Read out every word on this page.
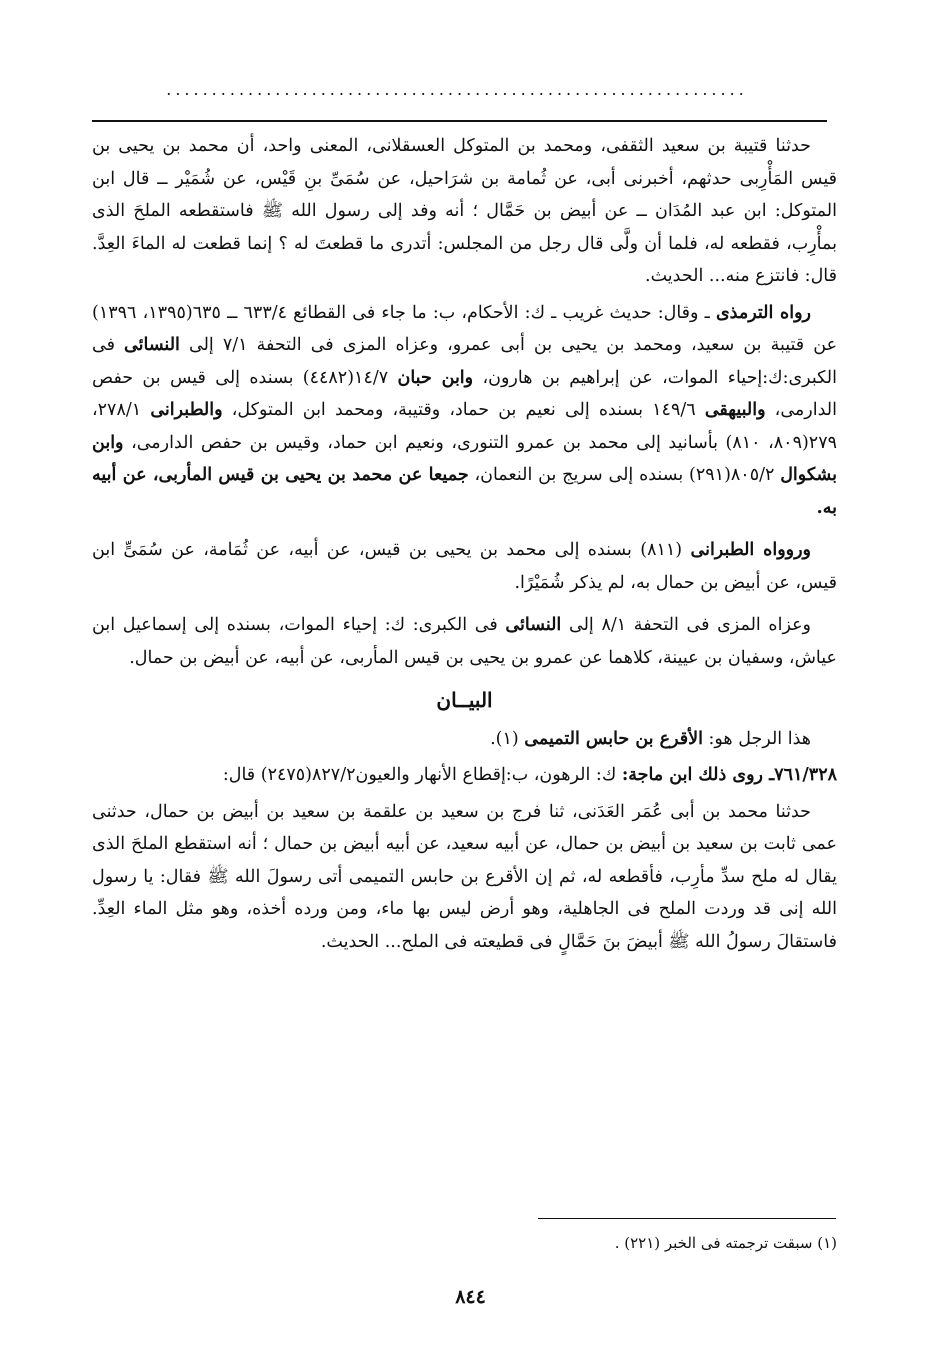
................................................................

حدثنا قتيبة بن سعيد الثقفى، ومحمد بن المتوكل العسقلانى، المعنى واحد، أن محمد بن يحيى بن قيس المَأْرِبى حدثهم، أخبرنى أبى، عن ثُمامة بن شرَاحيل، عن سُمَىِّ بنِ قَيْس، عن شُمَيْر ــ قال ابن المتوكل: ابن عبد المُدَان ــ عن أبيض بن حَمَّال ؛ أنه وفد إلى رسول الله ﷺ فاستقطعه الملحَ الذى بمأْرِب، فقطعه له، فلما أن ولَّى قال رجل من المجلس: أتدرى ما قطعتَ له ؟ إنما قطعت له الماءَ العِدَّ. قال: فانتزع منه... الحديث.

رواه الترمذى ـ وقال: حديث غريب ـ ك: الأحكام، ب: ما جاء فى القطائع ٦٣٣/٤ ــ ٦٣٥(١٣٩٥، ١٣٩٦) عن قتيبة بن سعيد، ومحمد بن يحيى بن أبى عمرو، وعزاه المزى فى التحفة ٧/١ إلى النسائى فى الكبرى:ك:إحياء الموات، عن إبراهيم بن هارون، وابن حبان ١٤/٧(٤٤٨٢) بسنده إلى قيس بن حفص الدارمى، والبيهقى ١٤٩/٦ بسنده إلى نعيم بن حماد، وقتيبة، ومحمد ابن المتوكل، والطبرانى ٢٧٨/١، ٢٧٩(٨٠٩، ٨١٠) بأسانيد إلى محمد بن عمرو التنورى، ونعيم ابن حماد، وقيس بن حفص الدارمى، وابن بشكوال ٨٠٥/٢(٢٩١) بسنده إلى سريج بن النعمان، جميعا عن محمد بن يحيى بن قيس المأربى، عن أبيه به.

وروواه الطبرانى (٨١١) بسنده إلى محمد بن يحيى بن قيس، عن أبيه، عن ثُمَامة، عن سُمَىٍّ ابن قيس، عن أبيض بن حمال به، لم يذكر شُمَيْرًا.

وعزاه المزى فى التحفة ٨/١ إلى النسائى فى الكبرى: ك: إحياء الموات، بسنده إلى إسماعيل ابن عياش، وسفيان بن عيينة، كلاهما عن عمرو بن يحيى بن قيس المأربى، عن أبيه، عن أبيض بن حمال.

البيــان

هذا الرجل هو: الأقرع بن حابس التميمى (١).

٧٦١/٣٢٨ـ روى ذلك ابن ماجة: ك: الرهون، ب:إقطاع الأنهار والعيون٨٢٧/٢(٢٤٧٥) قال:

حدثنا محمد بن أبى عُمَر العَدَنى، ثنا فرج بن سعيد بن علقمة بن سعيد بن أبيض بن حمال، حدثنى عمى ثابت بن سعيد بن أبيض بن حمال، عن أبيه سعيد، عن أبيه أبيض بن حمال ؛ أنه استقطع الملحَ الذى يقال له ملح سدِّ مأرِب، فأقطعه له، ثم إن الأقرع بن حابس التميمى أتى رسولَ الله ﷺ فقال: يا رسول الله إنى قد وردت الملح فى الجاهلية، وهو أرض ليس بها ماء، ومن ورده أخذه، وهو مثل الماء العِدِّ. فاستقالَ رسولُ الله ﷺ أبيضَ بنَ حَمَّالٍ فى قطيعته فى الملح... الحديث.

(١) سبقت ترجمته فى الخبر (٢٢١) .
٨٤٤
